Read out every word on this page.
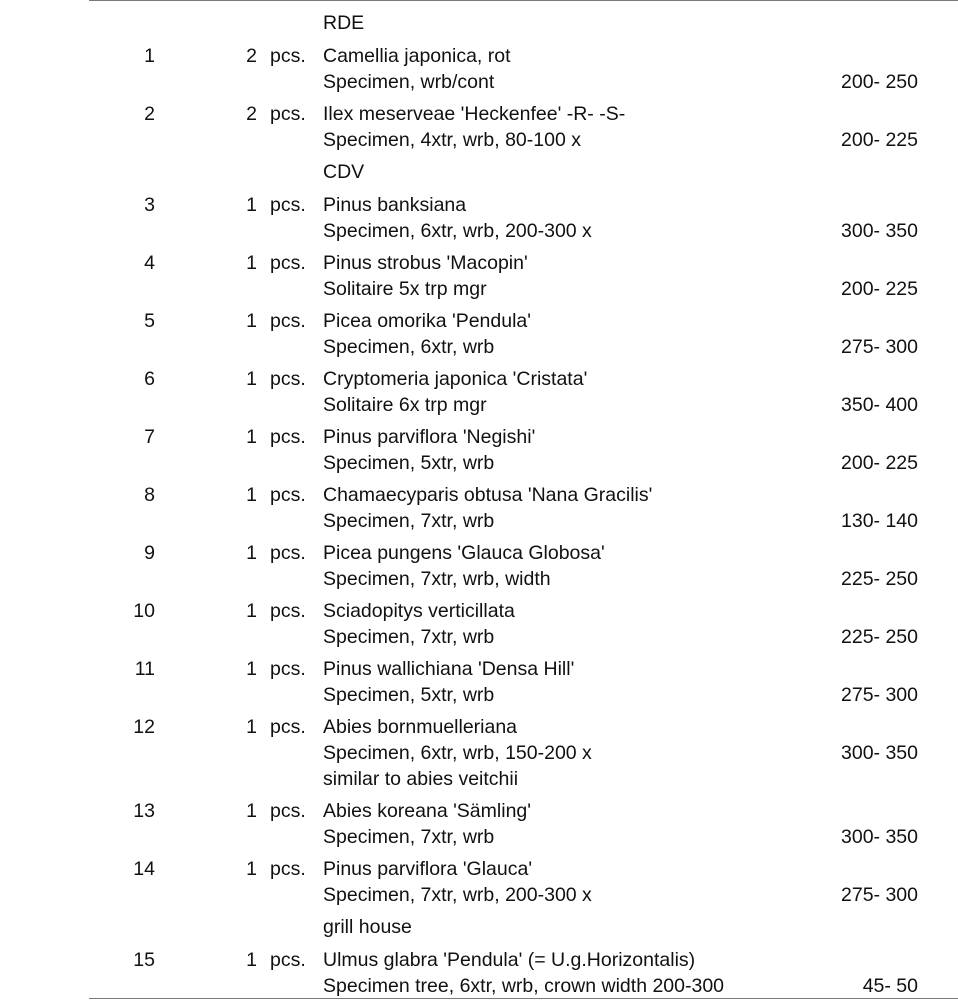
RDE
1	2 pcs. Camellia japonica, rot
Specimen, wrb/cont	200- 250
2	2 pcs. Ilex meserveae 'Heckenfee' -R- -S-
Specimen, 4xtr, wrb, 80-100 x	200- 225
CDV
3	1 pcs. Pinus banksiana
Specimen, 6xtr, wrb, 200-300 x	300- 350
4	1 pcs. Pinus strobus 'Macopin'
Solitaire 5x trp mgr	200- 225
5	1 pcs. Picea omorika 'Pendula'
Specimen, 6xtr, wrb	275- 300
6	1 pcs. Cryptomeria japonica 'Cristata'
Solitaire 6x trp mgr	350- 400
7	1 pcs. Pinus parviflora 'Negishi'
Specimen, 5xtr, wrb	200- 225
8	1 pcs. Chamaecyparis obtusa 'Nana Gracilis'
Specimen, 7xtr, wrb	130- 140
9	1 pcs. Picea pungens 'Glauca Globosa'
Specimen, 7xtr, wrb, width	225- 250
10	1 pcs. Sciadopitys verticillata
Specimen, 7xtr, wrb	225- 250
11	1 pcs. Pinus wallichiana 'Densa Hill'
Specimen, 5xtr, wrb	275- 300
12	1 pcs. Abies bornmuelleriana
Specimen, 6xtr, wrb, 150-200 x	300- 350
similar to abies veitchii
13	1 pcs. Abies koreana 'Sämling'
Specimen, 7xtr, wrb	300- 350
14	1 pcs. Pinus parviflora 'Glauca'
Specimen, 7xtr, wrb, 200-300 x	275- 300
grill house
15	1 pcs. Ulmus glabra 'Pendula' (= U.g.Horizontalis)
Specimen tree, 6xtr, wrb, crown width 200-300	45- 50
